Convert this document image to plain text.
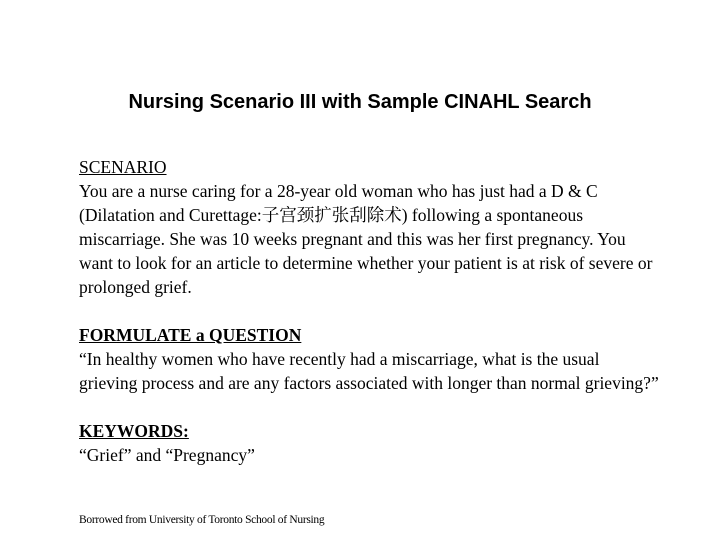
Nursing Scenario III with Sample CINAHL Search
SCENARIO
You are a nurse caring for a 28-year old woman who has just had a D & C (Dilatation and Curettage:子宫颈扩张刮除术) following a spontaneous miscarriage. She was 10 weeks pregnant and this was her first pregnancy. You want to look for an article to determine whether your patient is at risk of severe or prolonged grief.
FORMULATE a QUESTION
“In healthy women who have recently had a miscarriage, what is the usual grieving process and are any factors associated with longer than normal grieving?”
KEYWORDS:
“Grief” and “Pregnancy”
Borrowed from University of Toronto School of Nursing
